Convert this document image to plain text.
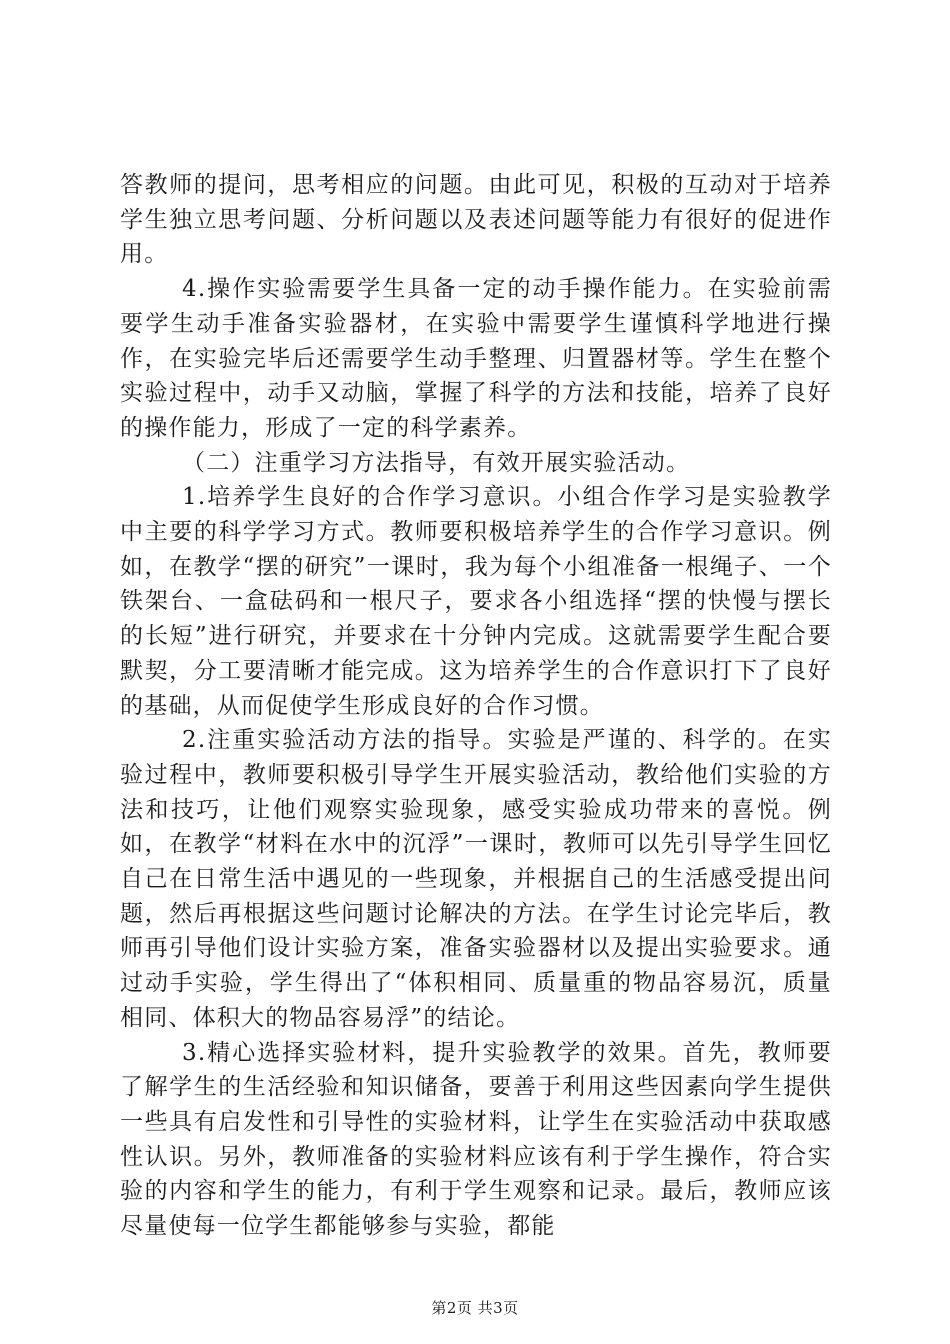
答教师的提问，思考相应的问题。由此可见，积极的互动对于培养学生独立思考问题、分析问题以及表述问题等能力有很好的促进作用。

4.操作实验需要学生具备一定的动手操作能力。在实验前需要学生动手准备实验器材，在实验中需要学生谨慎科学地进行操作，在实验完毕后还需要学生动手整理、归置器材等。学生在整个实验过程中，动手又动脑，掌握了科学的方法和技能，培养了良好的操作能力，形成了一定的科学素养。

（二）注重学习方法指导，有效开展实验活动。

1.培养学生良好的合作学习意识。小组合作学习是实验教学中主要的科学学习方式。教师要积极培养学生的合作学习意识。例如，在教学“摆的研究”一课时，我为每个小组准备一根绳子、一个铁架台、一盒砝码和一根尺子，要求各小组选择“摆的快慢与摆长的长短”进行研究，并要求在十分钟内完成。这就需要学生配合要默契，分工要清晰才能完成。这为培养学生的合作意识打下了良好的基础，从而促使学生形成良好的合作习惯。

2.注重实验活动方法的指导。实验是严谨的、科学的。在实验过程中，教师要积极引导学生开展实验活动，教给他们实验的方法和技巧，让他们观察实验现象，感受实验成功带来的喜悦。例如，在教学“材料在水中的沉浮”一课时，教师可以先引导学生回忆自己在日常生活中遇见的一些现象，并根据自己的生活感受提出问题，然后再根据这些问题讨论解决的方法。在学生讨论完毕后，教师再引导他们设计实验方案，准备实验器材以及提出实验要求。通过动手实验，学生得出了“体积相同、质量重的物品容易沉，质量相同、体积大的物品容易浮”的结论。

3.精心选择实验材料，提升实验教学的效果。首先，教师要了解学生的生活经验和知识储备，要善于利用这些因素向学生提供一些具有启发性和引导性的实验材料，让学生在实验活动中获取感性认识。另外，教师准备的实验材料应该有利于学生操作，符合实验的内容和学生的能力，有利于学生观察和记录。最后，教师应该尽量使每一位学生都能够参与实验，都能

第2页 共3页
